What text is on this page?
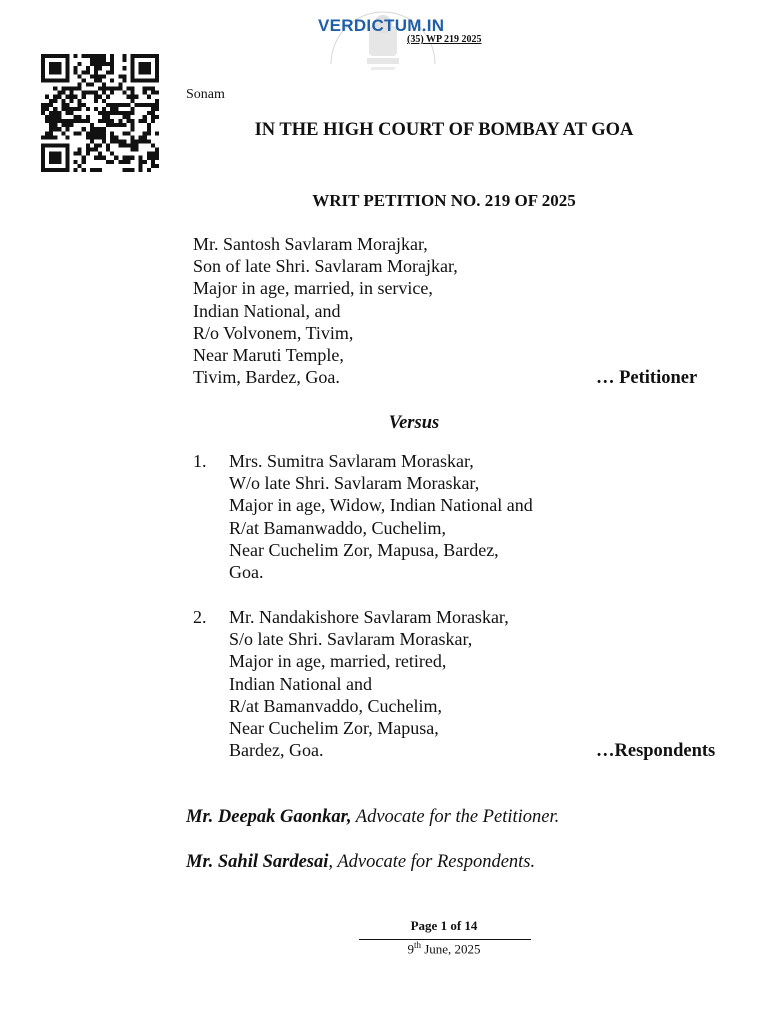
VERDICTUM.IN
(35) WP 219 2025
Sonam
IN THE HIGH COURT OF BOMBAY AT GOA
WRIT PETITION NO. 219 OF 2025
Mr. Santosh Savlaram Morajkar,
Son of late Shri. Savlaram Morajkar,
Major in age, married, in service,
Indian National, and
R/o Volvonem, Tivim,
Near Maruti Temple,
Tivim, Bardez, Goa.	… Petitioner
Versus
1. Mrs. Sumitra Savlaram Moraskar,
W/o late Shri. Savlaram Moraskar,
Major in age, Widow, Indian National and
R/at Bamanwaddo, Cuchelim,
Near Cuchelim Zor, Mapusa, Bardez,
Goa.
2. Mr. Nandakishore Savlaram Moraskar,
S/o late Shri. Savlaram Moraskar,
Major in age, married, retired,
Indian National and
R/at Bamanvaddo, Cuchelim,
Near Cuchelim Zor, Mapusa,
Bardez, Goa.	…Respondents
Mr. Deepak Gaonkar, Advocate for the Petitioner.
Mr. Sahil Sardesai, Advocate for Respondents.
Page 1 of 14
9th June, 2025
